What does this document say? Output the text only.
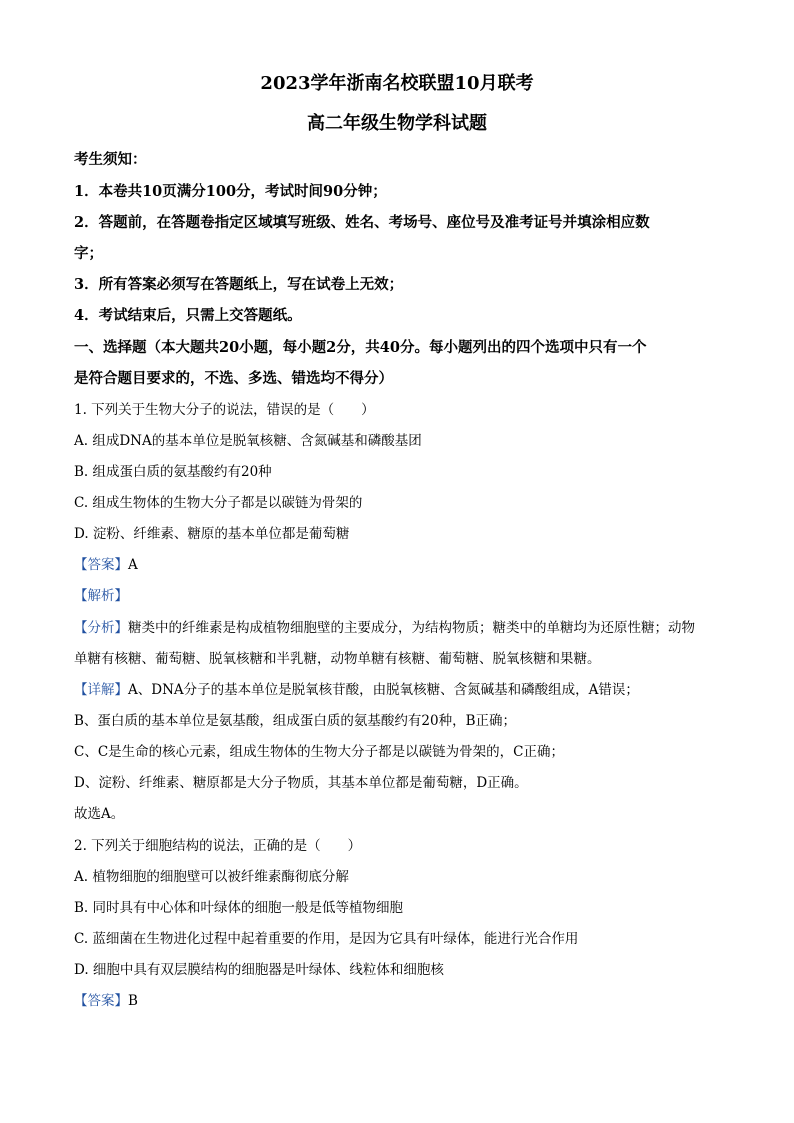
2023学年浙南名校联盟10月联考
高二年级生物学科试题
考生须知：
1．本卷共10页满分100分，考试时间90分钟；
2．答题前，在答题卷指定区域填写班级、姓名、考场号、座位号及准考证号并填涂相应数
字；
3．所有答案必须写在答题纸上，写在试卷上无效；
4．考试结束后，只需上交答题纸。
一、选择题（本大题共20小题，每小题2分，共40分。每小题列出的四个选项中只有一个
是符合题目要求的，不选、多选、错选均不得分）
1. 下列关于生物大分子的说法，错误的是（　　）
A. 组成DNA的基本单位是脱氧核糖、含氮碱基和磷酸基团
B. 组成蛋白质的氨基酸约有20种
C. 组成生物体的生物大分子都是以碳链为骨架的
D. 淀粉、纤维素、糖原的基本单位都是葡萄糖
【答案】A
【解析】
【分析】糖类中的纤维素是构成植物细胞壁的主要成分，为结构物质；糖类中的单糖均为还原性糖；动物
单糖有核糖、葡萄糖、脱氧核糖和半乳糖，动物单糖有核糖、葡萄糖、脱氧核糖和果糖。
【详解】A、DNA分子的基本单位是脱氧核苷酸，由脱氧核糖、含氮碱基和磷酸组成，A错误；
B、蛋白质的基本单位是氨基酸，组成蛋白质的氨基酸约有20种，B正确；
C、C是生命的核心元素，组成生物体的生物大分子都是以碳链为骨架的，C正确；
D、淀粉、纤维素、糖原都是大分子物质，其基本单位都是葡萄糖，D正确。
故选A。
2. 下列关于细胞结构的说法，正确的是（　　）
A. 植物细胞的细胞壁可以被纤维素酶彻底分解
B. 同时具有中心体和叶绿体的细胞一般是低等植物细胞
C. 蓝细菌在生物进化过程中起着重要的作用，是因为它具有叶绿体，能进行光合作用
D. 细胞中具有双层膜结构的细胞器是叶绿体、线粒体和细胞核
【答案】B
